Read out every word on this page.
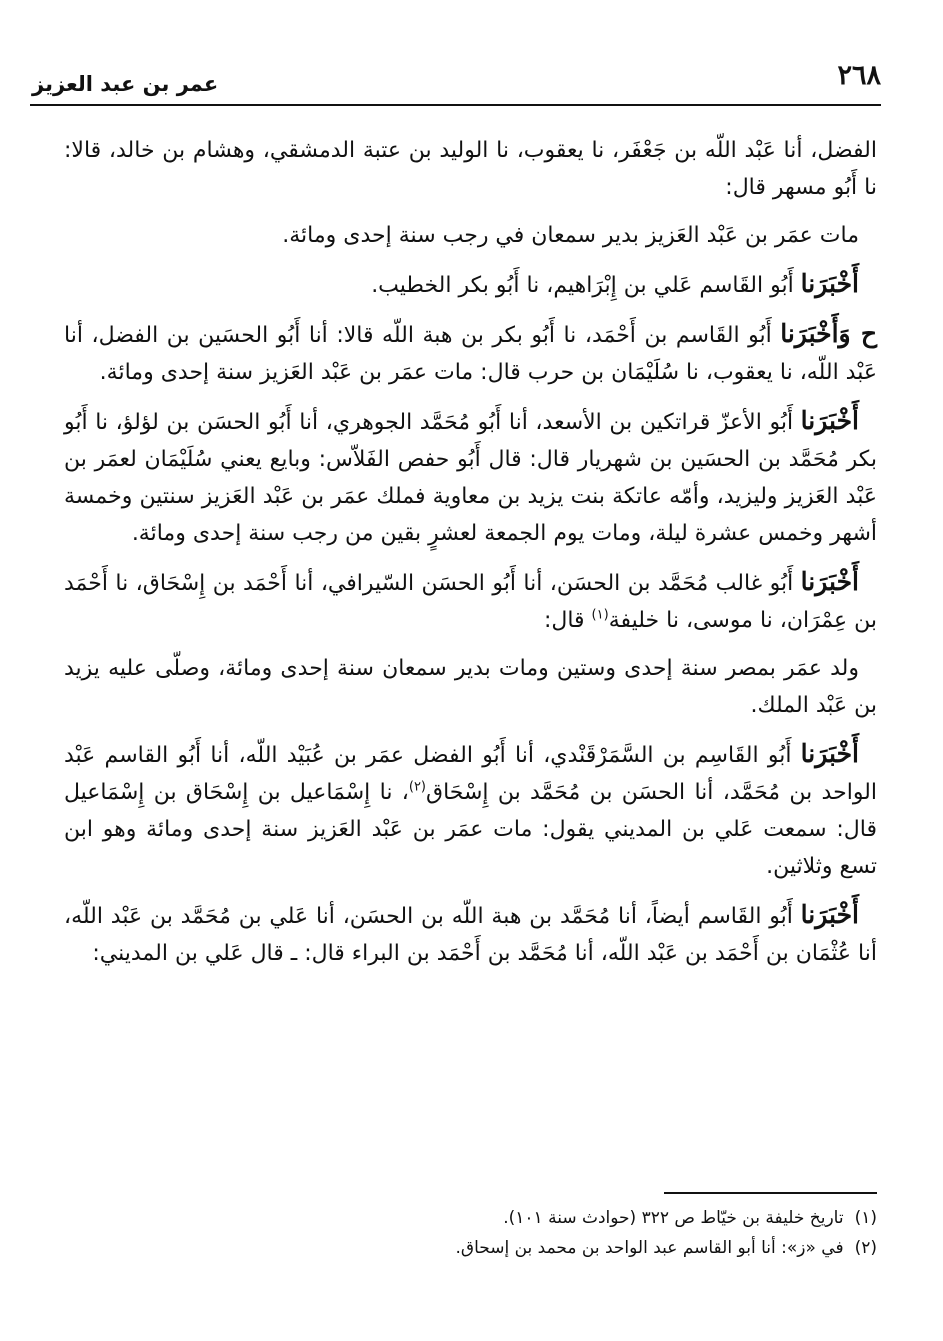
٢٦٨
عمر بن عبد العزيز

الفضل، أنا عَبْد اللّه بن جَعْفَر، نا يعقوب، نا الوليد بن عتبة الدمشقي، وهشام بن خالد، قالا: نا أَبُو مسهر قال:

مات عمَر بن عَبْد العَزيز بدير سمعان في رجب سنة إحدى ومائة.

أَخْبَرَنا أَبُو القَاسم عَلي بن إِبْرَاهيم، نا أَبُو بكر الخطيب.

ح وَأَخْبَرَنا أَبُو القَاسم بن أَحْمَد، نا أَبُو بكر بن هبة اللّه قالا: أنا أَبُو الحسَين بن الفضل، أنا عَبْد اللّه، نا يعقوب، نا سُلَيْمَان بن حرب قال: مات عمَر بن عَبْد العَزيز سنة إحدى ومائة.

أَخْبَرَنا أَبُو الأعزّ قراتكين بن الأسعد، أنا أَبُو مُحَمَّد الجوهري، أنا أَبُو الحسَن بن لؤلؤ، نا أَبُو بكر مُحَمَّد بن الحسَين بن شهريار قال: قال أَبُو حفص الفَلاّس: وبايع يعني سُلَيْمَان لعمَر بن عَبْد العَزيز وليزيد، وأمّه عاتكة بنت يزيد بن معاوية فملك عمَر بن عَبْد العَزيز سنتين وخمسة أشهر وخمس عشرة ليلة، ومات يوم الجمعة لعشرٍ بقين من رجب سنة إحدى ومائة.

أَخْبَرَنا أَبُو غالب مُحَمَّد بن الحسَن، أنا أَبُو الحسَن السّيرافي، أنا أَحْمَد بن إِسْحَاق، نا أَحْمَد بن عِمْرَان، نا موسى، نا خليفة$^{(١)}$ قال:

ولد عمَر بمصر سنة إحدى وستين ومات بدير سمعان سنة إحدى ومائة، وصلّى عليه يزيد بن عَبْد الملك.

أَخْبَرَنا أَبُو القَاسِم بن السَّمَرْقَنْدي، أنا أَبُو الفضل عمَر بن عُبَيْد اللّه، أنا أَبُو القاسم عَبْد الواحد بن مُحَمَّد، أنا الحسَن بن مُحَمَّد بن إِسْحَاق$^{(٢)}$، نا إِسْمَاعيل بن إِسْحَاق بن إِسْمَاعيل قال: سمعت عَلي بن المديني يقول: مات عمَر بن عَبْد العَزيز سنة إحدى ومائة وهو ابن تسع وثلاثين.

أَخْبَرَنا أَبُو القَاسم أيضاً، أنا مُحَمَّد بن هبة اللّه بن الحسَن، أنا عَلي بن مُحَمَّد بن عَبْد اللّه، أنا عُثْمَان بن أَحْمَد بن عَبْد اللّه، أنا مُحَمَّد بن أَحْمَد بن البراء قال: ـ قال عَلي بن المديني:

(١) تاريخ خليفة بن خيّاط ص ٣٢٢ (حوادث سنة ١٠١).
(٢) في «ز»: أنا أبو القاسم عبد الواحد بن محمد بن إسحاق.
